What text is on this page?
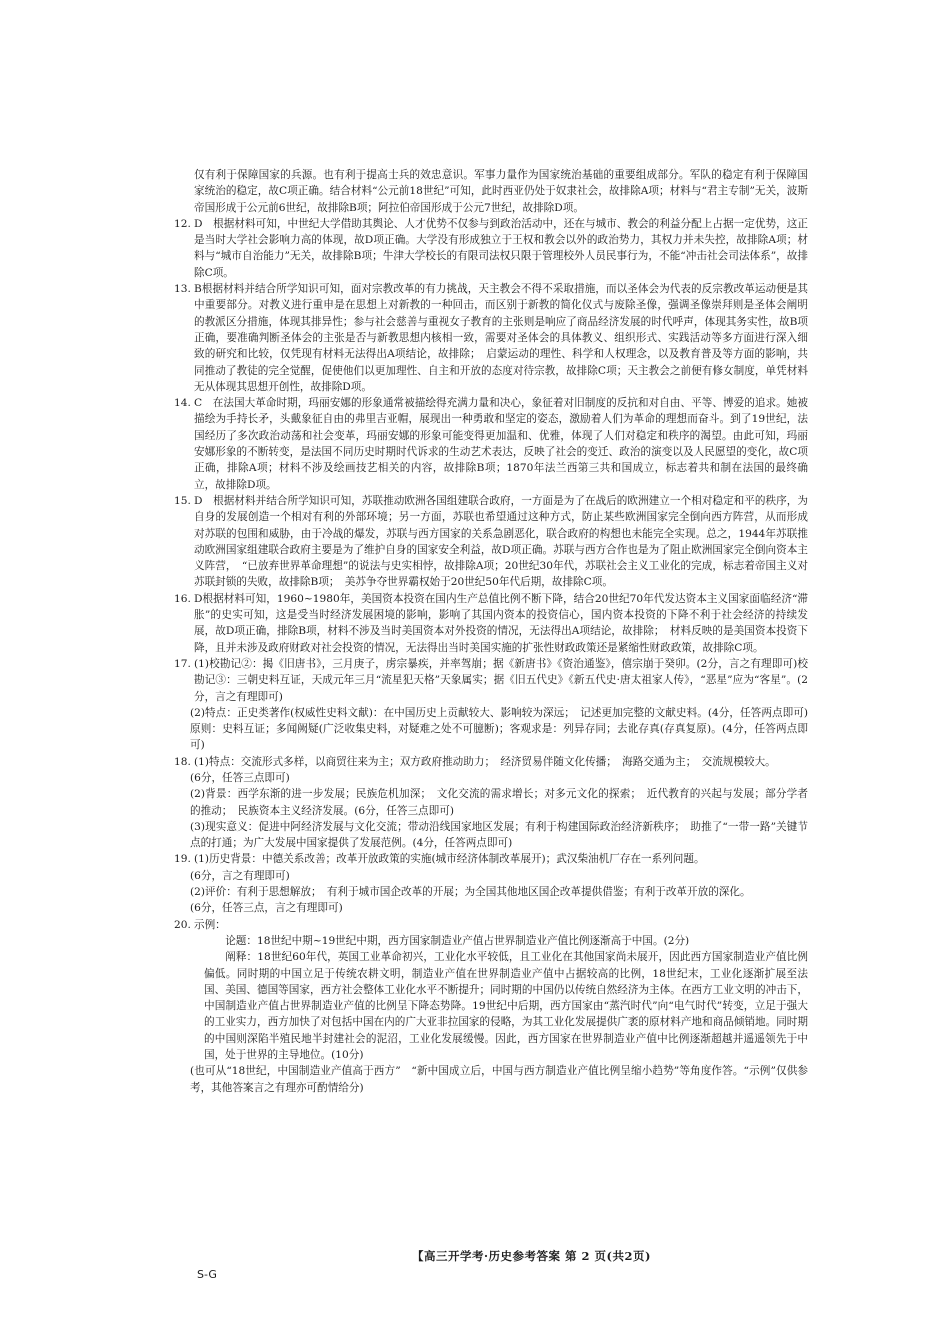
仅有利于保障国家的兵源。也有利于提高士兵的效忠意识。军事力量作为国家统治基础的重要组成部分。军队的稳定有利于保障国家统治的稳定，故C项正确。结合材料“公元前18世纪”可知，此时西亚仍处于奴隶社会，故排除A项；材料与“君主专制”无关，波斯帝国形成于公元前6世纪，故排除B项；阿拉伯帝国形成于公元7世纪，故排除D项。

12. D　根据材料可知，中世纪大学借助其舆论、人才优势不仅参与到政治活动中，还在与城市、教会的利益分配上占据一定优势，这正是当时大学社会影响力高的体现，故D项正确。大学没有形成独立于王权和教会以外的政治势力，其权力并未失控，故排除A项；材料与“城市自治能力”无关，故排除B项；牛津大学校长的有限司法权只限于管理校外人员民事行为，不能“冲击社会司法体系”，故排除C项。

13. B根据材料并结合所学知识可知，面对宗教改革的有力挑战，天主教会不得不采取措施，而以圣体会为代表的反宗教改革运动便是其中重要部分。对教义进行重申是在思想上对新教的一种回击，而区别于新教的简化仪式与废除圣像，强调圣像崇拜则是圣体会阐明的教派区分措施，体现其排异性；参与社会慈善与重视女子教育的主张则是响应了商品经济发展的时代呼声，体现其务实性，故B项正确，要准确判断圣体会的主张是否与新教思想内核相一致，需要对圣体会的具体教义、组织形式、实践活动等多方面进行深入细致的研究和比较，仅凭现有材料无法得出A项结论，故排除；　启蒙运动的理性、科学和人权理念，以及教育普及等方面的影响，共同推动了教徒的完全觉醒，促使他们以更加理性、自主和开放的态度对待宗教，故排除C项；天主教会之前便有修女制度，单凭材料无从体现其思想开创性，故排除D项。

14. C　在法国大革命时期，玛丽安娜的形象通常被描绘得充满力量和决心，象征着对旧制度的反抗和对自由、平等、博爱的追求。她被描绘为手持长矛，头戴象征自由的弗里吉亚帽，展现出一种勇敢和坚定的姿态，激励着人们为革命的理想而奋斗。到了19世纪，法国经历了多次政治动荡和社会变革，玛丽安娜的形象可能变得更加温和、优雅，体现了人们对稳定和秩序的渴望。由此可知，玛丽安娜形象的不断转变，是法国不同历史时期时代诉求的生动艺术表达，反映了社会的变迁、政治的演变以及人民愿望的变化，故C项正确，排除A项；材料不涉及绘画技艺相关的内容，故排除B项；1870年法兰西第三共和国成立，标志着共和制在法国的最终确立，故排除D项。

15. D　根据材料并结合所学知识可知，苏联推动欧洲各国组建联合政府，一方面是为了在战后的欧洲建立一个相对稳定和平的秩序，为自身的发展创造一个相对有利的外部环境；另一方面，苏联也希望通过这种方式，防止某些欧洲国家完全倒向西方阵营，从而形成对苏联的包围和威胁，由于冷战的爆发，苏联与西方国家的关系急剧恶化，联合政府的构想也未能完全实现。总之，1944年苏联推动欧洲国家组建联合政府主要是为了维护自身的国家安全利益，故D项正确。苏联与西方合作也是为了阻止欧洲国家完全倒向资本主义阵营，　“已放弃世界革命理想”的说法与史实相悖，故排除A项；20世纪30年代，苏联社会主义工业化的完成，标志着帝国主义对苏联封锁的失败，故排除B项；　美苏争夺世界霸权始于20世纪50年代后期，故排除C项。

16. D根据材料可知，1960~1980年，美国资本投资在国内生产总值比例不断下降，结合20世纪70年代发达资本主义国家面临经济“滞胀”的史实可知，这是受当时经济发展困境的影响，影响了其国内资本的投资信心，国内资本投资的下降不利于社会经济的持续发展，故D项正确，排除B项，材料不涉及当时美国资本对外投资的情况，无法得出A项结论，故排除；　材料反映的是美国资本投资下降，且并未涉及政府财政对社会投资的情况，无法得出当时美国实施的扩张性财政政策还是紧缩性财政政策，故排除C项。

17. (1)校勘记②：揭《旧唐书》，三月庚子，虏宗暴疾，并率驾崩；据《新唐书》《资治通鉴》，僖宗崩于癸卯。(2分，言之有理即可)校勘记③：三朝史料互证，天成元年三月“流星犯天格”天象属实；据《旧五代史》《新五代史·唐太祖家人传》，“恶星”应为“客星”。(2分，言之有理即可)

(2)特点：正史类著作(权威性史料文献)：在中国历史上贡献较大、影响较为深远；　记述更加完整的文献史料。(4分，任答两点即可)原则：史料互证；多闻阙疑(广泛收集史料，对疑难之处不可臆断)；客观求是：列异存同；去讹存真(存真复原)。(4分，任答两点即可)

18. (1)特点：交流形式多样，以商贸往来为主；双方政府推动助力；　经济贸易伴随文化传播；　海路交通为主；　交流规模较大。

(6分，任答三点即可)

(2)背景：西学东渐的进一步发展；民族危机加深；　文化交流的需求增长；对多元文化的探索；　近代教育的兴起与发展；部分学者的推动；　民族资本主义经济发展。(6分，任答三点即可)

(3)现实意义：促进中阿经济发展与文化交流；带动沿线国家地区发展；有利于构建国际政治经济新秩序；　助推了“一带一路”关键节点的打通；为广大发展中国家提供了发展范例。(4分，任答两点即可)

19. (1)历史背景：中德关系改善；改革开放政策的实施(城市经济体制改革展开)；武汉柴油机厂存在一系列问题。

(6分，言之有理即可)

(2)评价：有利于思想解放；　有利于城市国企改革的开展；为全国其他地区国企改革提供借鉴；有利于改革开放的深化。

(6分，任答三点，言之有理即可)

20. 示例：

论题：18世纪中期~19世纪中期，西方国家制造业产值占世界制造业产值比例逐渐高于中国。(2分)

阐释：18世纪60年代，英国工业革命初兴，工业化水平较低，且工业化在其他国家尚未展开，因此西方国家制造业产值比例偏低。同时期的中国立足于传统农耕文明，制造业产值在世界制造业产值中占据较高的比例，18世纪末，工业化逐渐扩展至法国、美国、德国等国家，西方社会整体工业化水平不断提升；同时期的中国仍以传统自然经济为主体。在西方工业文明的冲击下，中国制造业产值占世界制造业产值的比例呈下降态势降。19世纪中后期，西方国家由“蒸汽时代”向“电气时代”转变，立足于强大的工业实力，西方加快了对包括中国在内的广大亚非拉国家的侵略，为其工业化发展提供广袤的原材料产地和商品倾销地。同时期的中国则深陷半殖民地半封建社会的泥沼，工业化发展缓慢。因此，西方国家在世界制造业产值中比例逐渐超越并遥遥领先于中国，处于世界的主导地位。(10分)

(也可从“18世纪，中国制造业产值高于西方”　“新中国成立后，中国与西方制造业产值比例呈缩小趋势”等角度作答。“示例”仅供参考，其他答案言之有理亦可酌情给分)

【高三开学考·历史参考答案 第 2 页(共2页)
S-G
